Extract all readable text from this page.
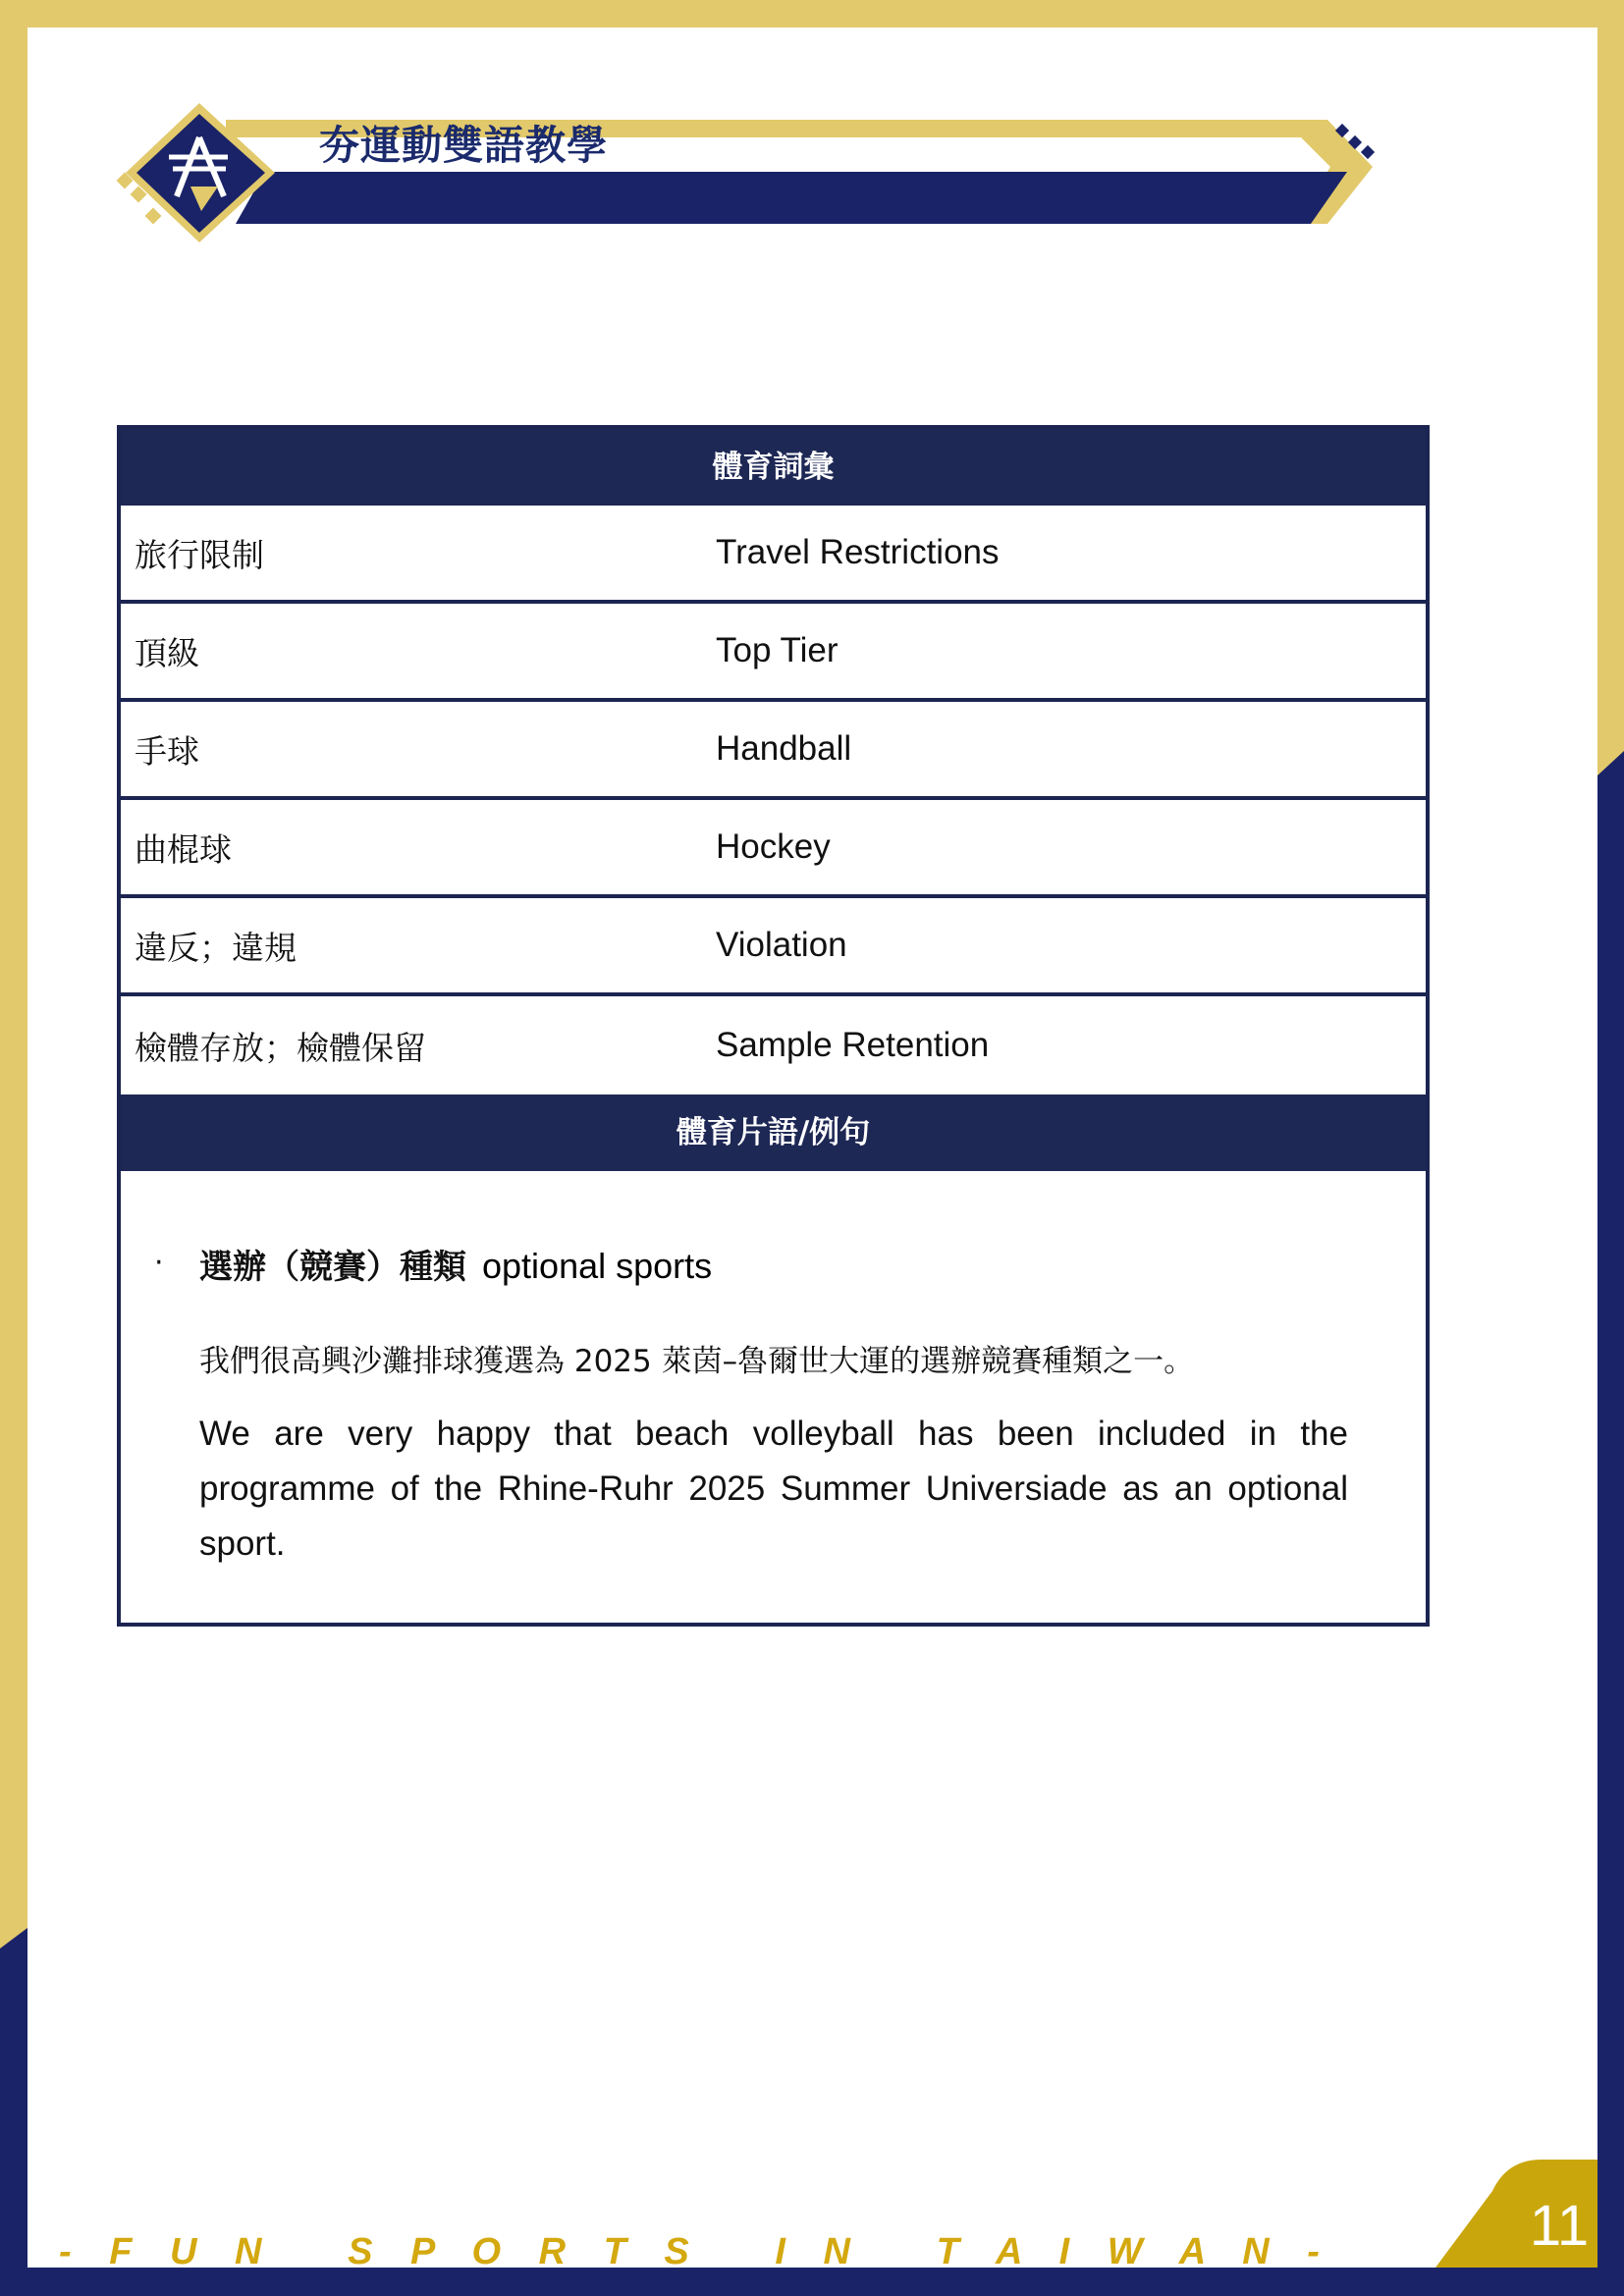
夯運動雙語教學
體育詞彙
旅行限制	Travel Restrictions
頂級	Top Tier
手球	Handball
曲棍球	Hockey
違反；違規	Violation
檢體存放；檢體保留	Sample Retention
體育片語/例句
· 選辦（競賽）種類 optional sports
我們很高興沙灘排球獲選為 2025 萊茵–魯爾世大運的選辦競賽種類之一。
We are very happy that beach volleyball has been included in the programme of the Rhine-Ruhr 2025 Summer Universiade as an optional sport.
- F U N   S P O R T S   I N   T A I W A N -	11
